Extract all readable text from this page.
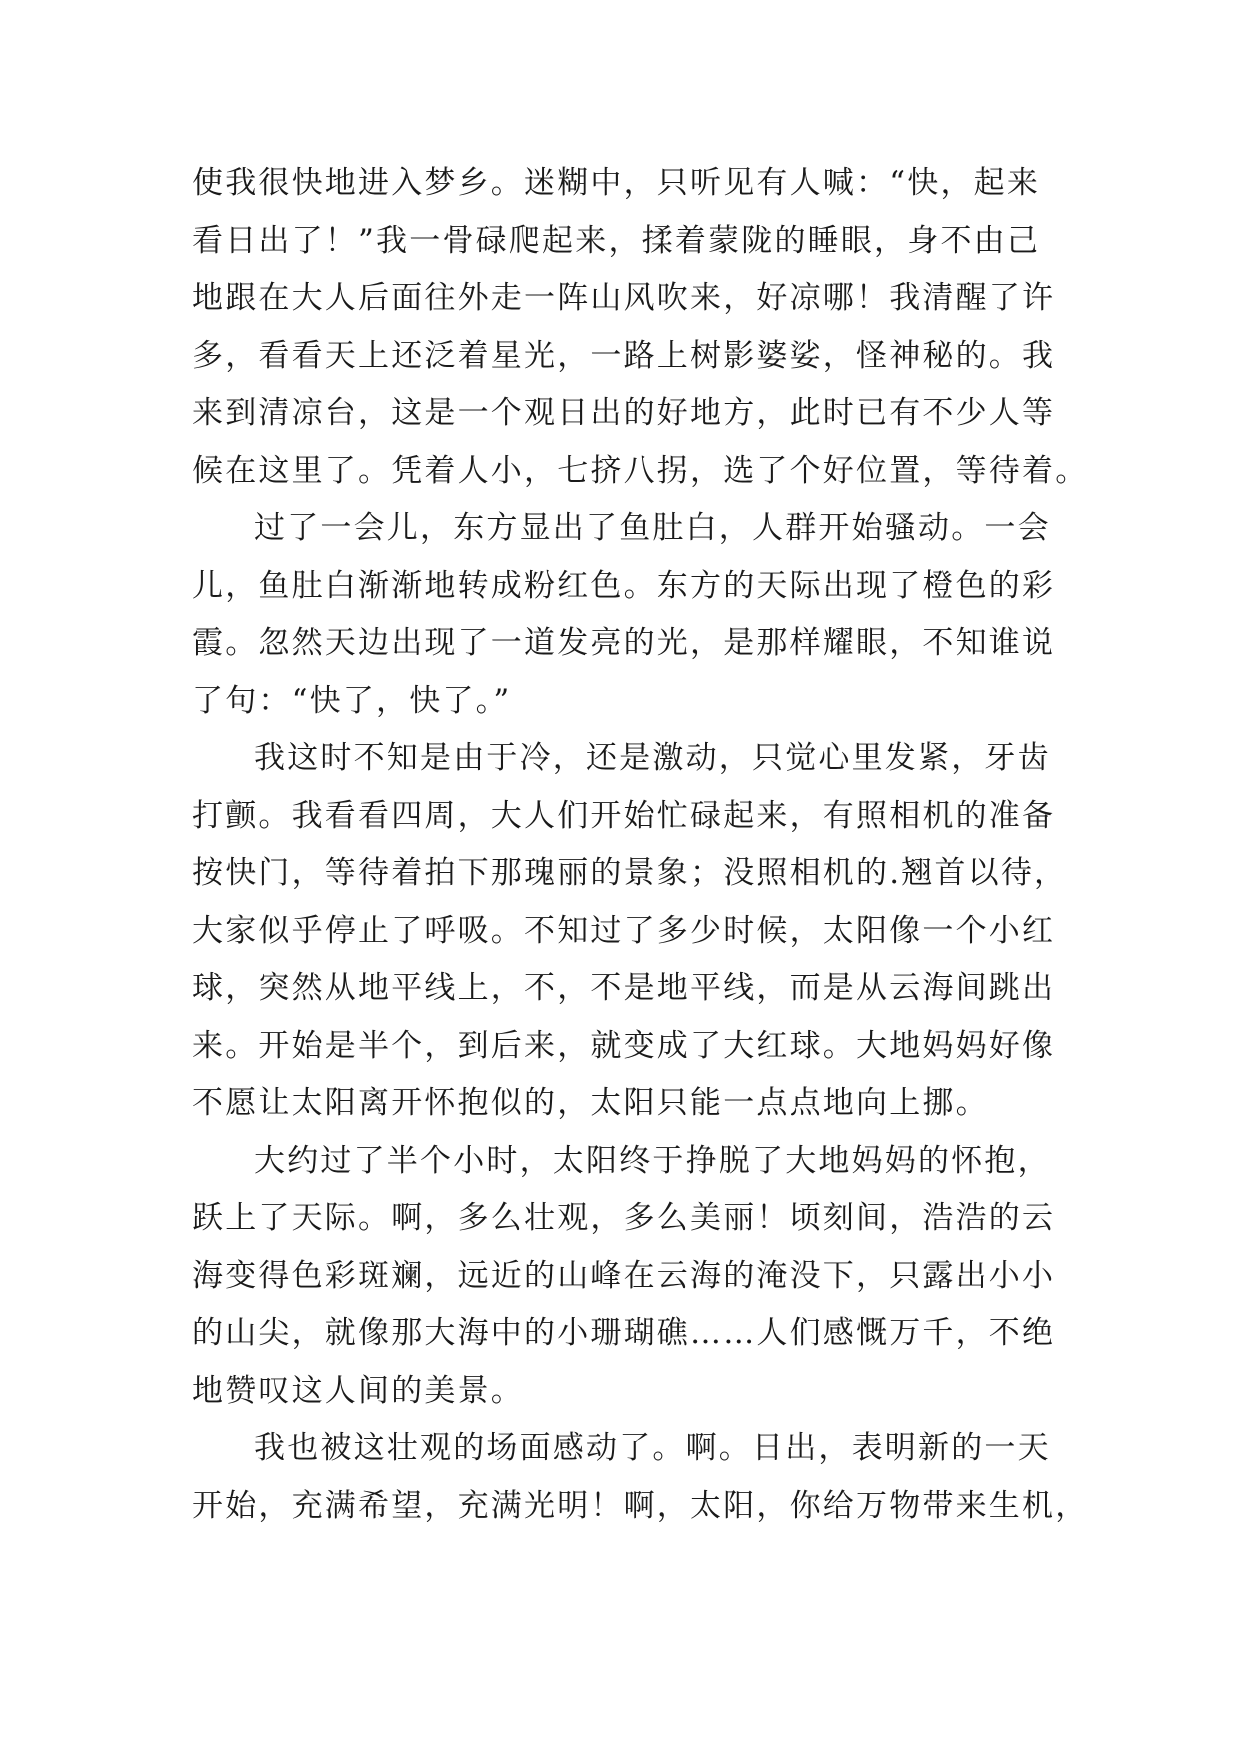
使我很快地进入梦乡。迷糊中，只听见有人喊：“快，起来
看日出了！”我一骨碌爬起来，揉着蒙陇的睡眼，身不由己
地跟在大人后面往外走一阵山风吹来，好凉哪！我清醒了许
多，看看天上还泛着星光，一路上树影婆娑，怪神秘的。我
来到清凉台，这是一个观日出的好地方，此时已有不少人等
候在这里了。凭着人小，七挤八拐，选了个好位置，等待着。
过了一会儿，东方显出了鱼肚白，人群开始骚动。一会
儿，鱼肚白渐渐地转成粉红色。东方的天际出现了橙色的彩
霞。忽然天边出现了一道发亮的光，是那样耀眼，不知谁说
了句：“快了，快了。”
我这时不知是由于冷，还是激动，只觉心里发紧，牙齿
打颤。我看看四周，大人们开始忙碌起来，有照相机的准备
按快门，等待着拍下那瑰丽的景象；没照相机的.翘首以待，
大家似乎停止了呼吸。不知过了多少时候，太阳像一个小红
球，突然从地平线上，不，不是地平线，而是从云海间跳出
来。开始是半个，到后来，就变成了大红球。大地妈妈好像
不愿让太阳离开怀抱似的，太阳只能一点点地向上挪。
大约过了半个小时，太阳终于挣脱了大地妈妈的怀抱，
跃上了天际。啊，多么壮观，多么美丽！顷刻间，浩浩的云
海变得色彩斑斓，远近的山峰在云海的淹没下，只露出小小
的山尖，就像那大海中的小珊瑚礁……人们感慨万千，不绝
地赞叹这人间的美景。
我也被这壮观的场面感动了。啊。日出，表明新的一天
开始，充满希望，充满光明！啊，太阳，你给万物带来生机，
